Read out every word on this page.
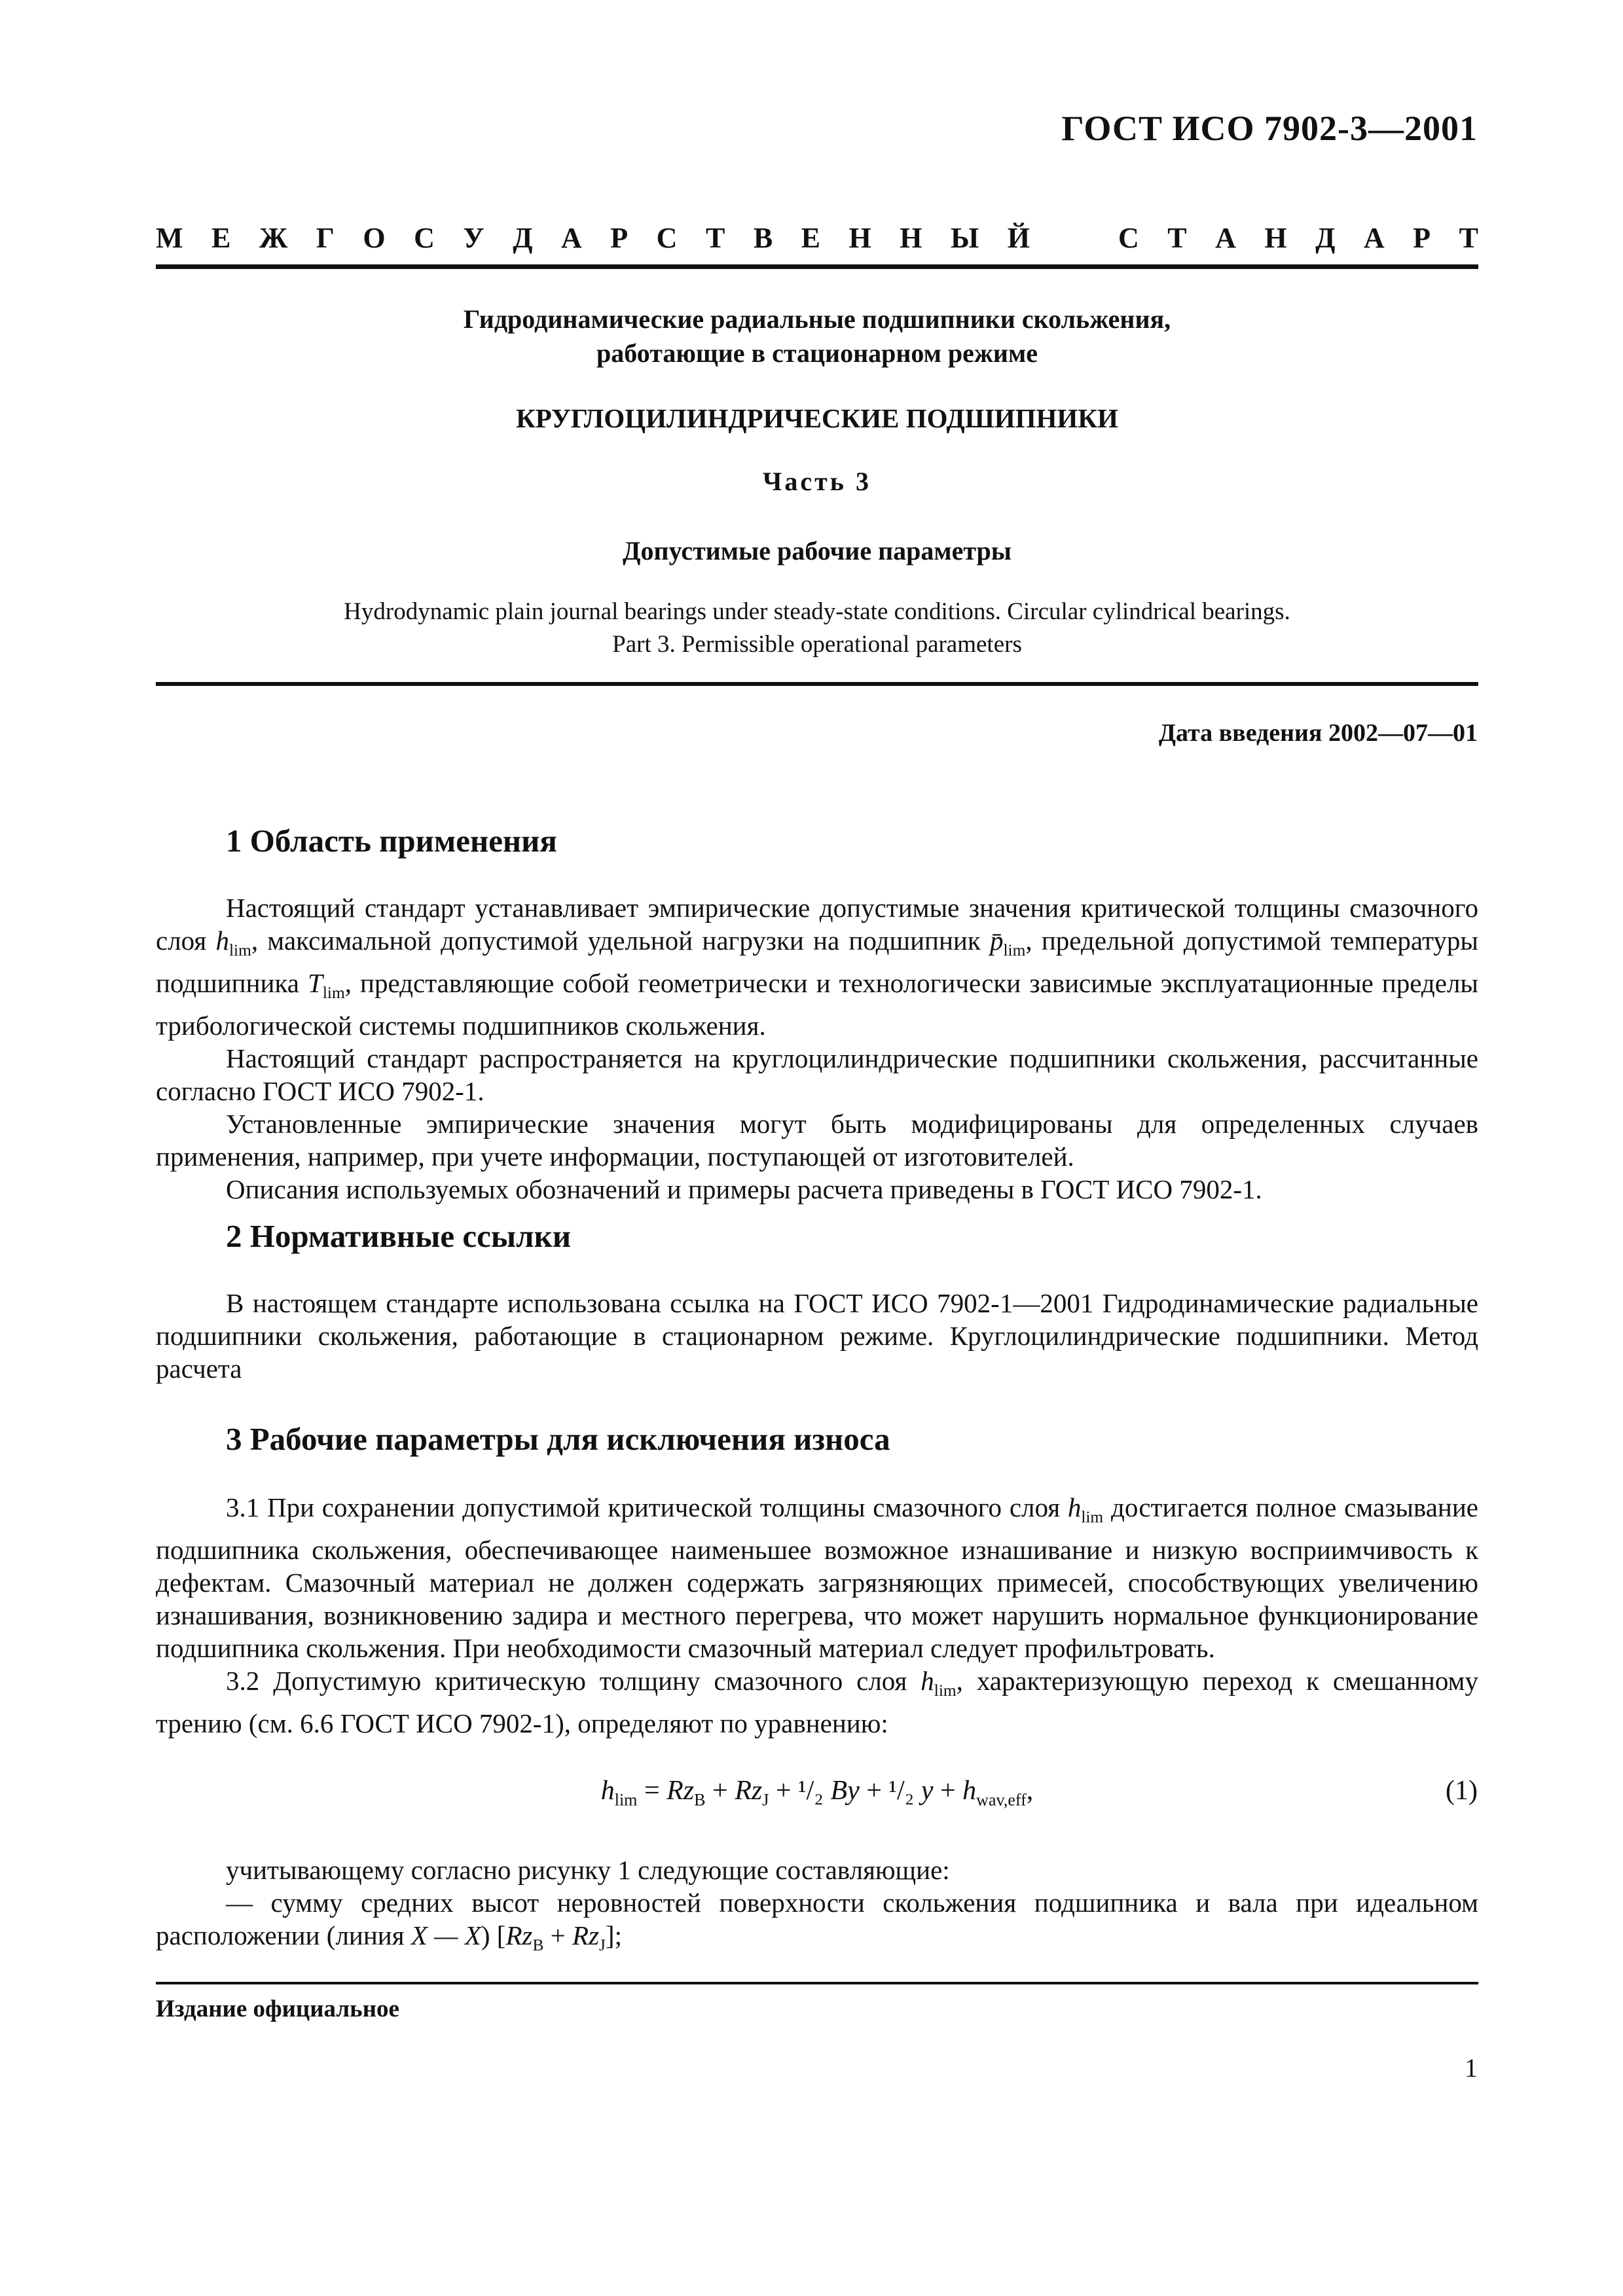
ГОСТ ИСО 7902-3—2001
М Е Ж Г О С У Д А Р С Т В Е Н Н Ы Й	С Т А Н Д А Р Т
Гидродинамические радиальные подшипники скольжения,
работающие в стационарном режиме
КРУГЛОЦИЛИНДРИЧЕСКИЕ ПОДШИПНИКИ
Часть 3
Допустимые рабочие параметры
Hydrodynamic plain journal bearings under steady-state conditions. Circular cylindrical bearings.
Part 3. Permissible operational parameters
Дата введения 2002—07—01
1 Область применения

Настоящий стандарт устанавливает эмпирические допустимые значения критической толщины смазочного слоя $h_{lim}$, максимальной допустимой удельной нагрузки на подшипник $p̄_{lim}$, предельной допустимой температуры подшипника $T_{lim}$, представляющие собой геометрически и технологически зависимые эксплуатационные пределы трибологической системы подшипников скольжения.

Настоящий стандарт распространяется на круглоцилиндрические подшипники скольжения, рассчитанные согласно ГОСТ ИСО 7902-1.

Установленные эмпирические значения могут быть модифицированы для определенных случаев применения, например, при учете информации, поступающей от изготовителей.

Описания используемых обозначений и примеры расчета приведены в ГОСТ ИСО 7902-1.

2 Нормативные ссылки

В настоящем стандарте использована ссылка на ГОСТ ИСО 7902-1—2001 Гидродинамические радиальные подшипники скольжения, работающие в стационарном режиме. Круглоцилиндрические подшипники. Метод расчета

3 Рабочие параметры для исключения износа

3.1 При сохранении допустимой критической толщины смазочного слоя $h_{lim}$ достигается полное смазывание подшипника скольжения, обеспечивающее наименьшее возможное изнашивание и низкую восприимчивость к дефектам. Смазочный материал не должен содержать загрязняющих примесей, способствующих увеличению изнашивания, возникновению задира и местного перегрева, что может нарушить нормальное функционирование подшипника скольжения. При необходимости смазочный материал следует профильтровать.

3.2 Допустимую критическую толщину смазочного слоя $h_{lim}$, характеризующую переход к смешанному трению (см. 6.6 ГОСТ ИСО 7902-1), определяют по уравнению:

$h_{lim} = Rz_B + Rz_J + ^1/_2$ By + ¹/₂ $y + h_{wav,eff}$,	(1)

учитывающему согласно рисунку 1 следующие составляющие:

— сумму средних высот неровностей поверхности скольжения подшипника и вала при идеальном расположении (линия X — X) $[Rz_B + Rz_J]$;

Издание официальное
1
